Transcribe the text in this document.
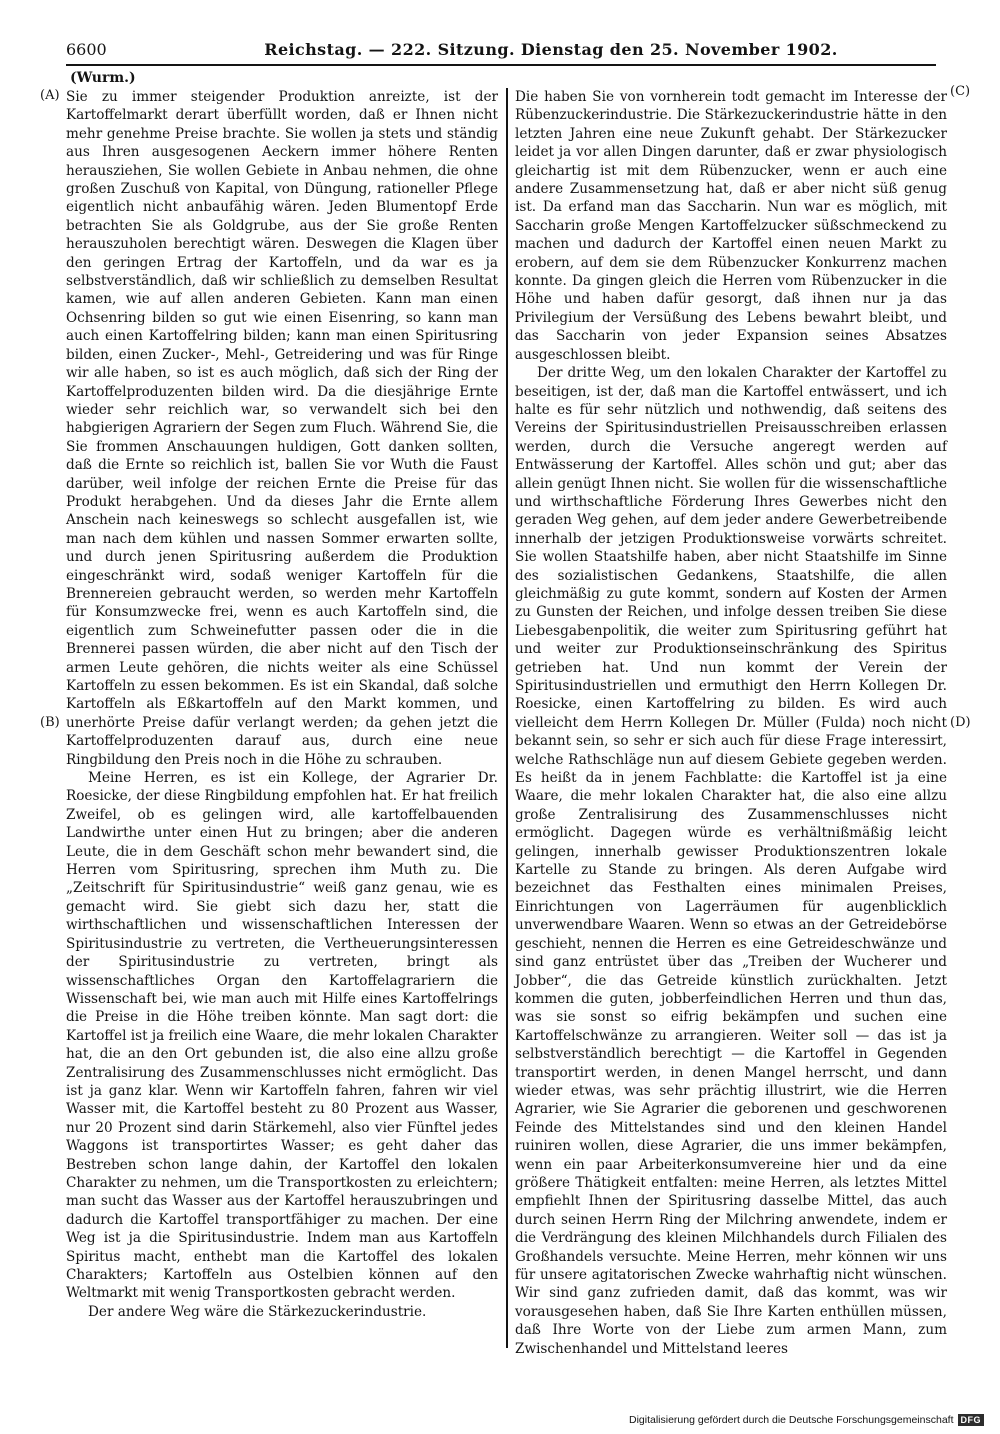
6600	Reichstag. — 222. Sitzung. Dienstag den 25. November 1902.
(Wurm.)
(A)
(B)
(C)
(D)

Sie zu immer steigender Produktion anreizte, ist der Kartoffelmarkt derart überfüllt worden, daß er Ihnen nicht mehr genehme Preise brachte. Sie wollen ja stets und ständig aus Ihren ausgesogenen Aeckern immer höhere Renten herausziehen, Sie wollen Gebiete in Anbau nehmen, die ohne großen Zuschuß von Kapital, von Düngung, rationeller Pflege eigentlich nicht anbaufähig wären. Jeden Blumentopf Erde betrachten Sie als Goldgrube, aus der Sie große Renten herauszuholen berechtigt wären. Deswegen die Klagen über den geringen Ertrag der Kartoffeln, und da war es ja selbstverständlich, daß wir schließlich zu demselben Resultat kamen, wie auf allen anderen Gebieten. Kann man einen Ochsenring bilden so gut wie einen Eisenring, so kann man auch einen Kartoffelring bilden; kann man einen Spiritusring bilden, einen Zucker-, Mehl-, Getreidering und was für Ringe wir alle haben, so ist es auch möglich, daß sich der Ring der Kartoffelproduzenten bilden wird. Da die diesjährige Ernte wieder sehr reichlich war, so verwandelt sich bei den habgierigen Agrariern der Segen zum Fluch. Während Sie, die Sie frommen Anschauungen huldigen, Gott danken sollten, daß die Ernte so reichlich ist, ballen Sie vor Wuth die Faust darüber, weil infolge der reichen Ernte die Preise für das Produkt herabgehen. Und da dieses Jahr die Ernte allem Anschein nach keineswegs so schlecht ausgefallen ist, wie man nach dem kühlen und nassen Sommer erwarten sollte, und durch jenen Spiritusring außerdem die Produktion eingeschränkt wird, sodaß weniger Kartoffeln für die Brennereien gebraucht werden, so werden mehr Kartoffeln für Konsumzwecke frei, wenn es auch Kartoffeln sind, die eigentlich zum Schweinefutter passen oder die in die Brennerei passen würden, die aber nicht auf den Tisch der armen Leute gehören, die nichts weiter als eine Schüssel Kartoffeln zu essen bekommen. Es ist ein Skandal, daß solche Kartoffeln als Eßkartoffeln auf den Markt kommen, und unerhörte Preise dafür verlangt werden; da gehen jetzt die Kartoffelproduzenten darauf aus, durch eine neue Ringbildung den Preis noch in die Höhe zu schrauben.

Meine Herren, es ist ein Kollege, der Agrarier Dr. Roesicke, der diese Ringbildung empfohlen hat. Er hat freilich Zweifel, ob es gelingen wird, alle kartoffelbauenden Landwirthe unter einen Hut zu bringen; aber die anderen Leute, die in dem Geschäft schon mehr bewandert sind, die Herren vom Spiritusring, sprechen ihm Muth zu. Die „Zeitschrift für Spiritusindustrie“ weiß ganz genau, wie es gemacht wird. Sie giebt sich dazu her, statt die wirthschaftlichen und wissenschaftlichen Interessen der Spiritusindustrie zu vertreten, die Vertheuerungsinteressen der Spiritusindustrie zu vertreten, bringt als wissenschaftliches Organ den Kartoffelagrariern die Wissenschaft bei, wie man auch mit Hilfe eines Kartoffelrings die Preise in die Höhe treiben könnte. Man sagt dort: die Kartoffel ist ja freilich eine Waare, die mehr lokalen Charakter hat, die an den Ort gebunden ist, die also eine allzu große Zentralisirung des Zusammenschlusses nicht ermöglicht. Das ist ja ganz klar. Wenn wir Kartoffeln fahren, fahren wir viel Wasser mit, die Kartoffel besteht zu 80 Prozent aus Wasser, nur 20 Prozent sind darin Stärkemehl, also vier Fünftel jedes Waggons ist transportirtes Wasser; es geht daher das Bestreben schon lange dahin, der Kartoffel den lokalen Charakter zu nehmen, um die Transportkosten zu erleichtern; man sucht das Wasser aus der Kartoffel herauszubringen und dadurch die Kartoffel transportfähiger zu machen. Der eine Weg ist ja die Spiritusindustrie. Indem man aus Kartoffeln Spiritus macht, enthebt man die Kartoffel des lokalen Charakters; Kartoffeln aus Ostelbien können auf den Weltmarkt mit wenig Transportkosten gebracht werden.

Der andere Weg wäre die Stärkezuckerindustrie.

Die haben Sie von vornherein todt gemacht im Interesse der Rübenzuckerindustrie. Die Stärkezuckerindustrie hätte in den letzten Jahren eine neue Zukunft gehabt. Der Stärkezucker leidet ja vor allen Dingen darunter, daß er zwar physiologisch gleichartig ist mit dem Rübenzucker, wenn er auch eine andere Zusammensetzung hat, daß er aber nicht süß genug ist. Da erfand man das Saccharin. Nun war es möglich, mit Saccharin große Mengen Kartoffelzucker süßschmeckend zu machen und dadurch der Kartoffel einen neuen Markt zu erobern, auf dem sie dem Rübenzucker Konkurrenz machen konnte. Da gingen gleich die Herren vom Rübenzucker in die Höhe und haben dafür gesorgt, daß ihnen nur ja das Privilegium der Versüßung des Lebens bewahrt bleibt, und das Saccharin von jeder Expansion seines Absatzes ausgeschlossen bleibt.

Der dritte Weg, um den lokalen Charakter der Kartoffel zu beseitigen, ist der, daß man die Kartoffel entwässert, und ich halte es für sehr nützlich und nothwendig, daß seitens des Vereins der Spiritusindustriellen Preisausschreiben erlassen werden, durch die Versuche angeregt werden auf Entwässerung der Kartoffel. Alles schön und gut; aber das allein genügt Ihnen nicht. Sie wollen für die wissenschaftliche und wirthschaftliche Förderung Ihres Gewerbes nicht den geraden Weg gehen, auf dem jeder andere Gewerbetreibende innerhalb der jetzigen Produktionsweise vorwärts schreitet. Sie wollen Staatshilfe haben, aber nicht Staatshilfe im Sinne des sozialistischen Gedankens, Staatshilfe, die allen gleichmäßig zu gute kommt, sondern auf Kosten der Armen zu Gunsten der Reichen, und infolge dessen treiben Sie diese Liebesgabenpolitik, die weiter zum Spiritusring geführt hat und weiter zur Produktionseinschränkung des Spiritus getrieben hat. Und nun kommt der Verein der Spiritusindustriellen und ermuthigt den Herrn Kollegen Dr. Roesicke, einen Kartoffelring zu bilden. Es wird auch vielleicht dem Herrn Kollegen Dr. Müller (Fulda) noch nicht bekannt sein, so sehr er sich auch für diese Frage interessirt, welche Rathschläge nun auf diesem Gebiete gegeben werden. Es heißt da in jenem Fachblatte: die Kartoffel ist ja eine Waare, die mehr lokalen Charakter hat, die also eine allzu große Zentralisirung des Zusammenschlusses nicht ermöglicht. Dagegen würde es verhältnißmäßig leicht gelingen, innerhalb gewisser Produktionszentren lokale Kartelle zu Stande zu bringen. Als deren Aufgabe wird bezeichnet das Festhalten eines minimalen Preises, Einrichtungen von Lagerräumen für augenblicklich unverwendbare Waaren. Wenn so etwas an der Getreidebörse geschieht, nennen die Herren es eine Getreideschwänze und sind ganz entrüstet über das „Treiben der Wucherer und Jobber“, die das Getreide künstlich zurückhalten. Jetzt kommen die guten, jobberfeindlichen Herren und thun das, was sie sonst so eifrig bekämpfen und suchen eine Kartoffelschwänze zu arrangieren. Weiter soll — das ist ja selbstverständlich berechtigt — die Kartoffel in Gegenden transportirt werden, in denen Mangel herrscht, und dann wieder etwas, was sehr prächtig illustrirt, wie die Herren Agrarier, wie Sie Agrarier die geborenen und geschworenen Feinde des Mittelstandes sind und den kleinen Handel ruiniren wollen, diese Agrarier, die uns immer bekämpfen, wenn ein paar Arbeiterkonsumvereine hier und da eine größere Thätigkeit entfalten: meine Herren, als letztes Mittel empfiehlt Ihnen der Spiritusring dasselbe Mittel, das auch durch seinen Herrn Ring der Milchring anwendete, indem er die Verdrängung des kleinen Milchhandels durch Filialen des Großhandels versuchte. Meine Herren, mehr können wir uns für unsere agitatorischen Zwecke wahrhaftig nicht wünschen. Wir sind ganz zufrieden damit, daß das kommt, was wir vorausgesehen haben, daß Sie Ihre Karten enthüllen müssen, daß Ihre Worte von der Liebe zum armen Mann, zum Zwischenhandel und Mittelstand leeres

Digitalisierung gefördert durch die Deutsche Forschungsgemeinschaft DFG
